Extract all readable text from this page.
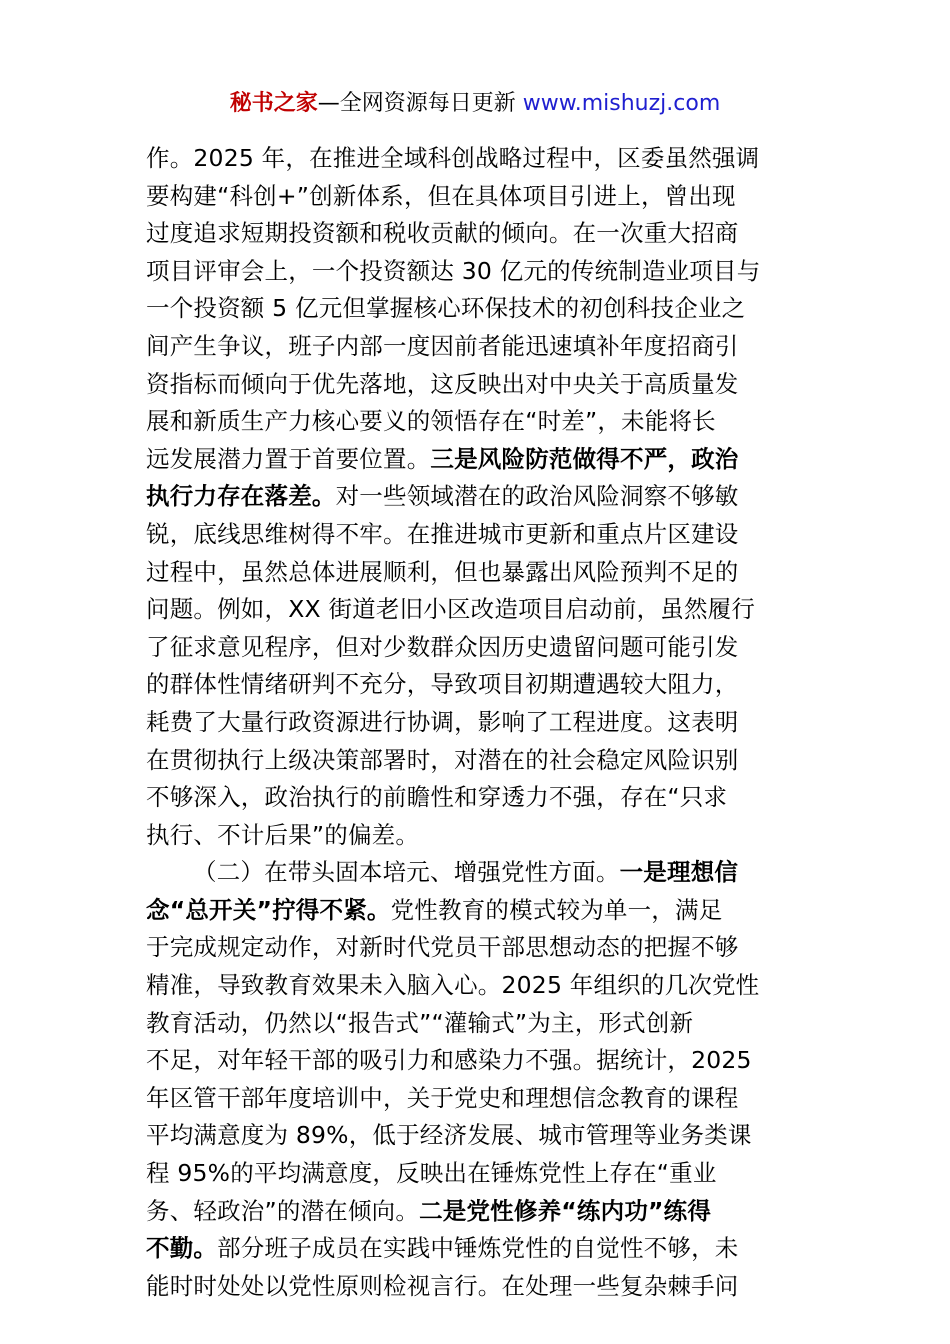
秘书之家—全网资源每日更新 www.mishuzj.com
作。2025 年，在推进全域科创战略过程中，区委虽然强调
要构建“科创+”创新体系，但在具体项目引进上，曾出现
过度追求短期投资额和税收贡献的倾向。在一次重大招商
项目评审会上，一个投资额达 30 亿元的传统制造业项目与
一个投资额 5 亿元但掌握核心环保技术的初创科技企业之
间产生争议，班子内部一度因前者能迅速填补年度招商引
资指标而倾向于优先落地，这反映出对中央关于高质量发
展和新质生产力核心要义的领悟存在“时差”，未能将长
远发展潜力置于首要位置。三是风险防范做得不严，政治
执行力存在落差。对一些领域潜在的政治风险洞察不够敏
锐，底线思维树得不牢。在推进城市更新和重点片区建设
过程中，虽然总体进展顺利，但也暴露出风险预判不足的
问题。例如，XX 街道老旧小区改造项目启动前，虽然履行
了征求意见程序，但对少数群众因历史遗留问题可能引发
的群体性情绪研判不充分，导致项目初期遭遇较大阻力，
耗费了大量行政资源进行协调，影响了工程进度。这表明
在贯彻执行上级决策部署时，对潜在的社会稳定风险识别
不够深入，政治执行的前瞻性和穿透力不强，存在“只求
执行、不计后果”的偏差。
（二）在带头固本培元、增强党性方面。一是理想信
念“总开关”拧得不紧。党性教育的模式较为单一，满足
于完成规定动作，对新时代党员干部思想动态的把握不够
精准，导致教育效果未入脑入心。2025 年组织的几次党性
教育活动，仍然以“报告式”“灌输式”为主，形式创新
不足，对年轻干部的吸引力和感染力不强。据统计，2025
年区管干部年度培训中，关于党史和理想信念教育的课程
平均满意度为 89%，低于经济发展、城市管理等业务类课
程 95%的平均满意度，反映出在锤炼党性上存在“重业
务、轻政治”的潜在倾向。二是党性修养“练内功”练得
不勤。部分班子成员在实践中锤炼党性的自觉性不够，未
能时时处处以党性原则检视言行。在处理一些复杂棘手问
